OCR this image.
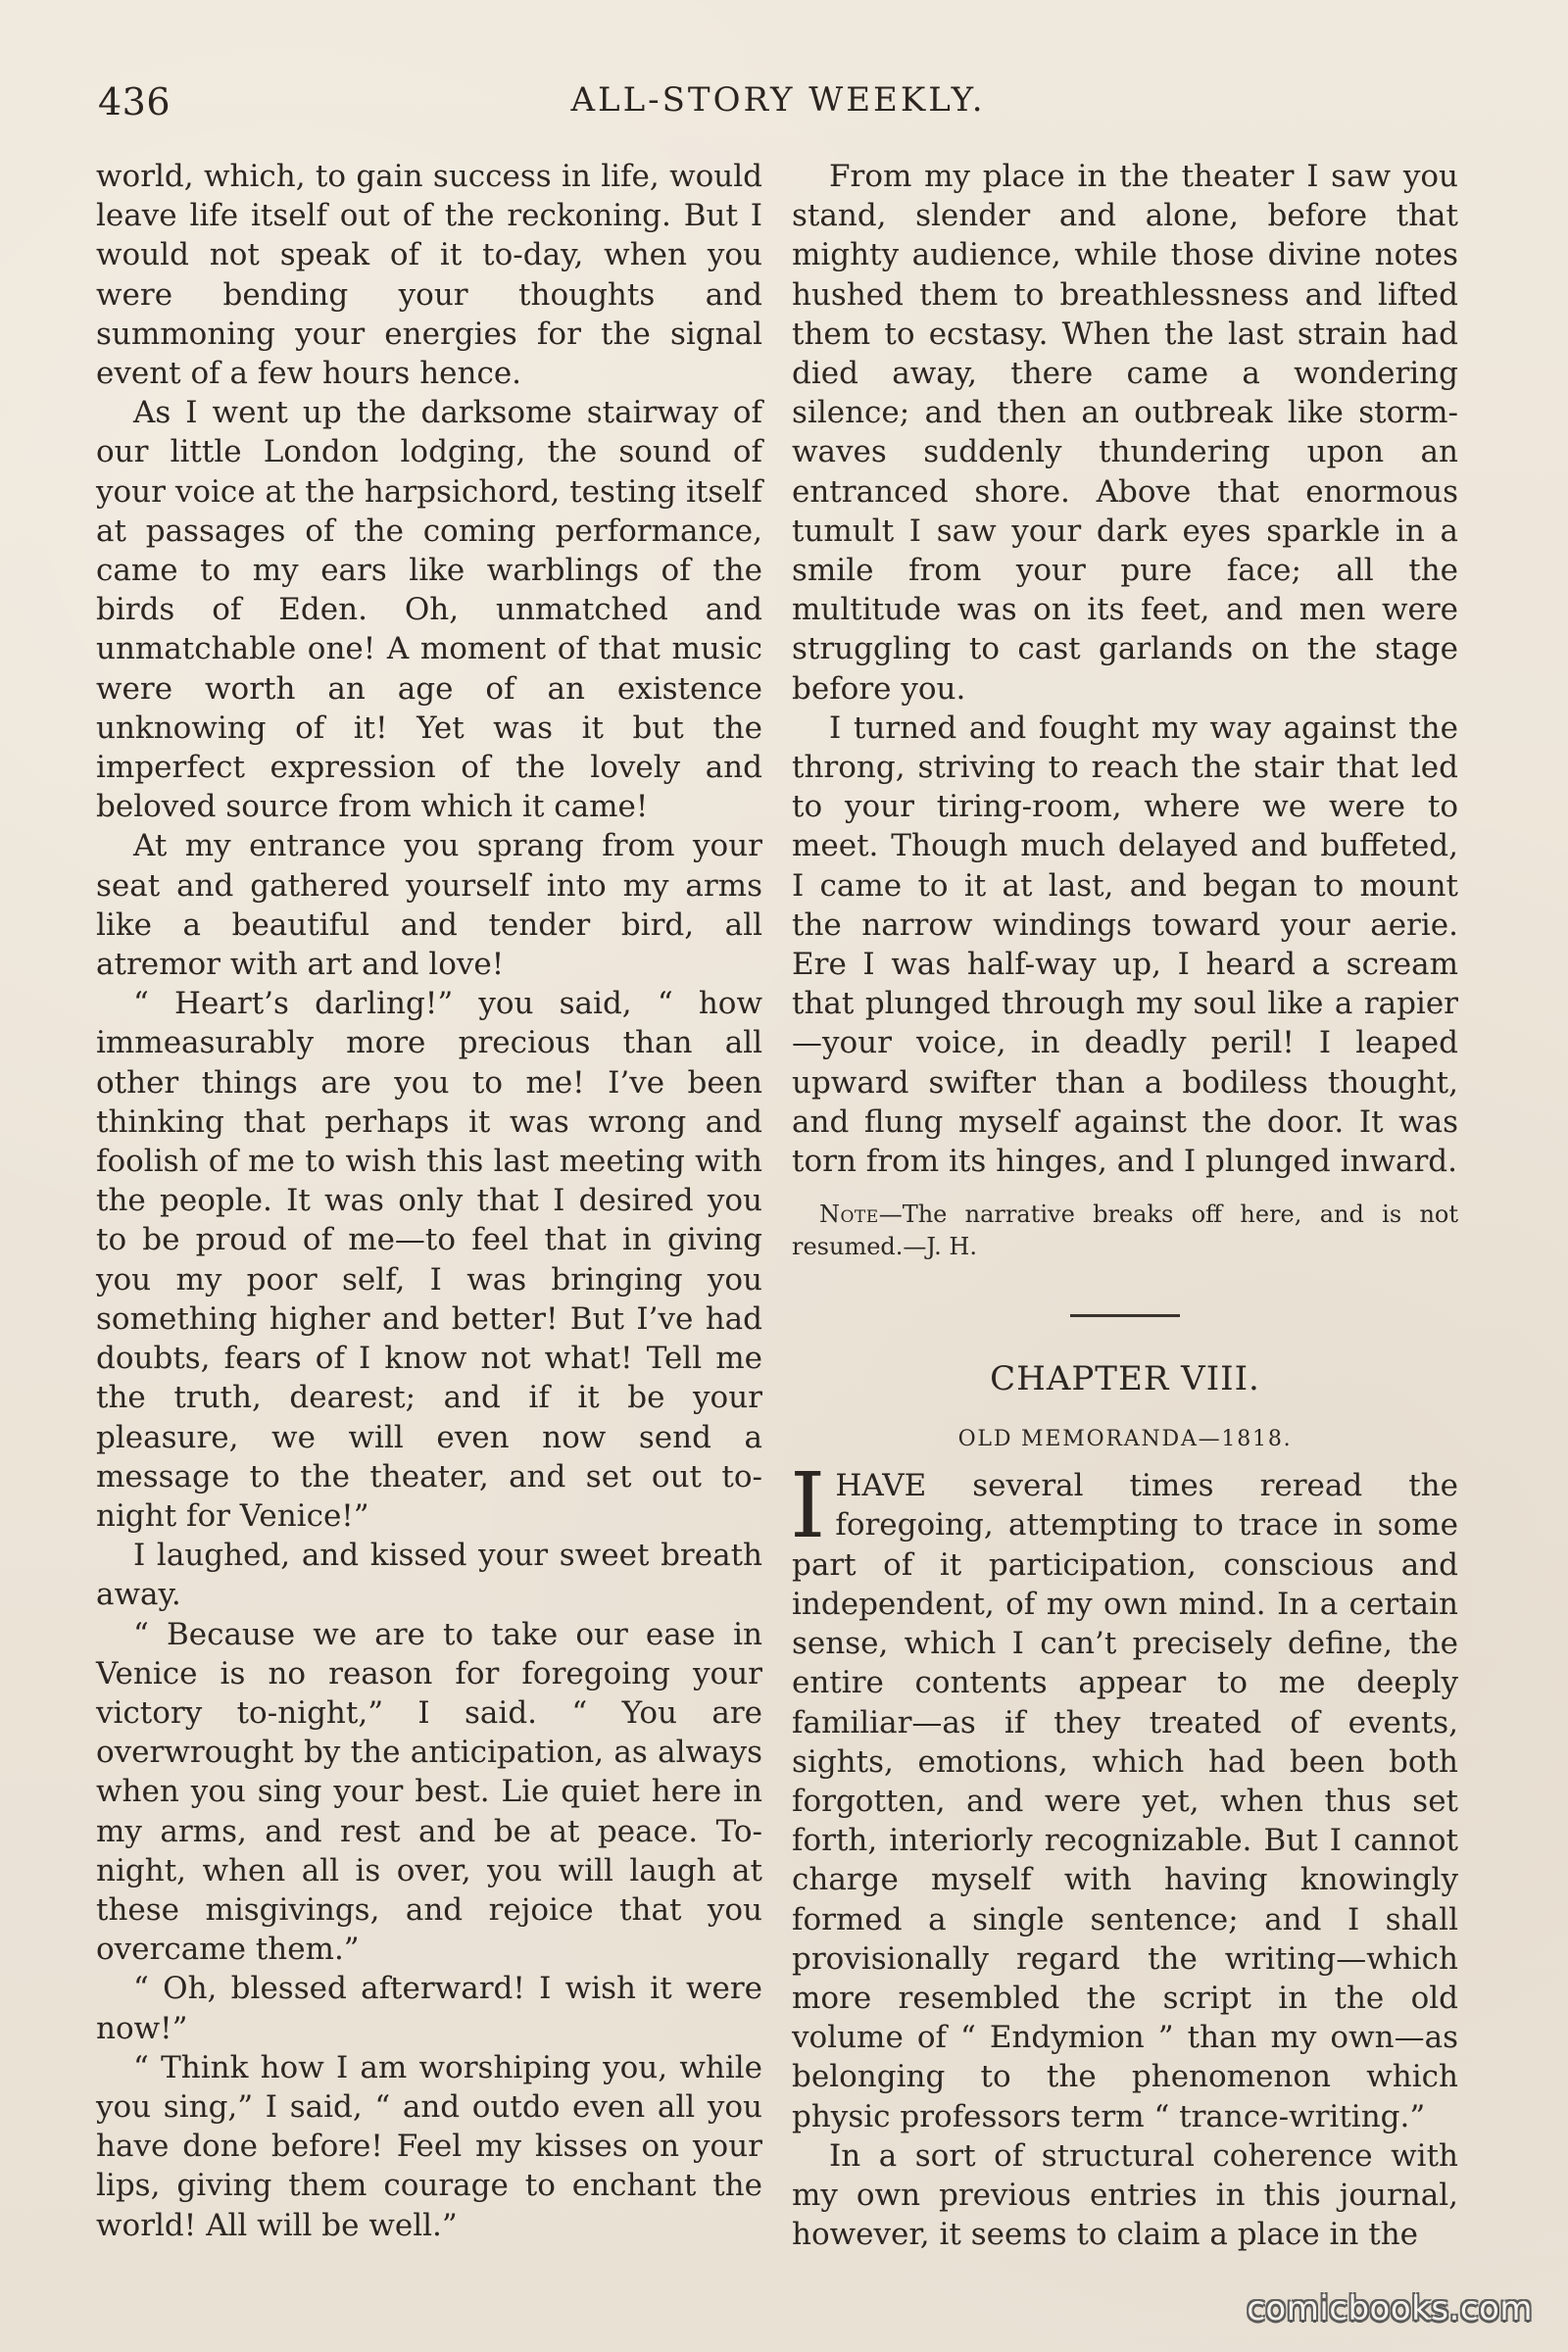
436	ALL-STORY WEEKLY.

world, which, to gain success in life, would leave life itself out of the reckoning. But I would not speak of it to-day, when you were bending your thoughts and summoning your energies for the signal event of a few hours hence.

As I went up the darksome stairway of our little London lodging, the sound of your voice at the harpsichord, testing itself at passages of the coming performance, came to my ears like warblings of the birds of Eden. Oh, unmatched and unmatchable one! A moment of that music were worth an age of an existence unknowing of it! Yet was it but the imperfect expression of the lovely and beloved source from which it came!

At my entrance you sprang from your seat and gathered yourself into my arms like a beautiful and tender bird, all atremor with art and love!

“ Heart’s darling!” you said, “ how immeasurably more precious than all other things are you to me! I’ve been thinking that perhaps it was wrong and foolish of me to wish this last meeting with the people. It was only that I desired you to be proud of me—to feel that in giving you my poor self, I was bringing you something higher and better! But I’ve had doubts, fears of I know not what! Tell me the truth, dearest; and if it be your pleasure, we will even now send a message to the theater, and set out to-night for Venice!”

I laughed, and kissed your sweet breath away.

“ Because we are to take our ease in Venice is no reason for foregoing your victory to-night,” I said. “ You are overwrought by the anticipation, as always when you sing your best. Lie quiet here in my arms, and rest and be at peace. To-night, when all is over, you will laugh at these misgivings, and rejoice that you overcame them.”

“ Oh, blessed afterward! I wish it were now!”

“ Think how I am worshiping you, while you sing,” I said, “ and outdo even all you have done before! Feel my kisses on your lips, giving them courage to enchant the world! All will be well.”

From my place in the theater I saw you stand, slender and alone, before that mighty audience, while those divine notes hushed them to breathlessness and lifted them to ecstasy. When the last strain had died away, there came a wondering silence; and then an outbreak like storm-waves suddenly thundering upon an entranced shore. Above that enormous tumult I saw your dark eyes sparkle in a smile from your pure face; all the multitude was on its feet, and men were struggling to cast garlands on the stage before you.

I turned and fought my way against the throng, striving to reach the stair that led to your tiring-room, where we were to meet. Though much delayed and buffeted, I came to it at last, and began to mount the narrow windings toward your aerie. Ere I was half-way up, I heard a scream that plunged through my soul like a rapier—your voice, in deadly peril! I leaped upward swifter than a bodiless thought, and flung myself against the door. It was torn from its hinges, and I plunged inward.

Note—The narrative breaks off here, and is not resumed.—J. H.
CHAPTER VIII.
OLD MEMORANDA—1818.

IHAVE several times reread the foregoing, attempting to trace in some part of it participation, conscious and independent, of my own mind. In a certain sense, which I can’t precisely define, the entire contents appear to me deeply familiar—as if they treated of events, sights, emotions, which had been both forgotten, and were yet, when thus set forth, interiorly recognizable. But I cannot charge myself with having knowingly formed a single sentence; and I shall provisionally regard the writing—which more resembled the script in the old volume of “ Endymion ” than my own—as belonging to the phenomenon which physic professors term “ trance-writing.”

In a sort of structural coherence with my own previous entries in this journal, however, it seems to claim a place in the

comicbooks.com
